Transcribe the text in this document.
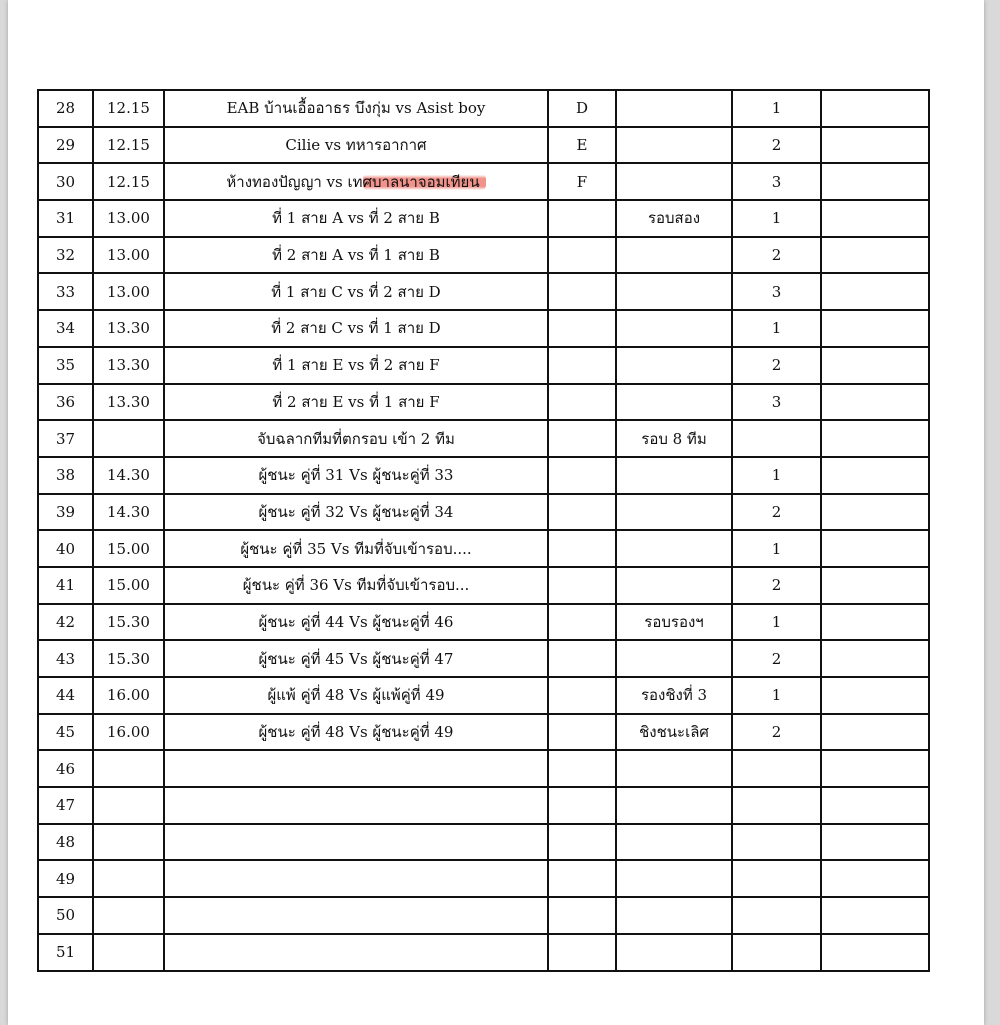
28	12.15	EAB บ้านเอื้ออาธร บึงกุ่ม vs Asist boy	D		1	
29	12.15	Cilie vs ทหารอากาศ	E		2	
30	12.15	ห้างทองปัญญา vs เทศบาลนาจอมเทียน	F		3	
31	13.00	ที่ 1 สาย A vs ที่ 2 สาย B		รอบสอง	1	
32	13.00	ที่ 2 สาย A vs ที่ 1 สาย B			2	
33	13.00	ที่ 1 สาย C vs ที่ 2 สาย D			3	
34	13.30	ที่ 2 สาย C vs ที่ 1 สาย D			1	
35	13.30	ที่ 1 สาย E vs ที่ 2 สาย F			2	
36	13.30	ที่ 2 สาย E vs ที่ 1 สาย F			3	
37		จับฉลากทีมที่ตกรอบ เข้า 2 ทีม		รอบ 8 ทีม		
38	14.30	ผู้ชนะ คู่ที่ 31 Vs ผู้ชนะคู่ที่ 33			1	
39	14.30	ผู้ชนะ คู่ที่ 32 Vs ผู้ชนะคู่ที่ 34			2	
40	15.00	ผู้ชนะ คู่ที่ 35 Vs ทีมที่จับเข้ารอบ....			1	
41	15.00	ผู้ชนะ คู่ที่ 36 Vs ทีมที่จับเข้ารอบ...			2	
42	15.30	ผู้ชนะ คู่ที่ 44 Vs ผู้ชนะคู่ที่ 46		รอบรองฯ	1	
43	15.30	ผู้ชนะ คู่ที่ 45 Vs ผู้ชนะคู่ที่ 47			2	
44	16.00	ผู้แพ้ คู่ที่ 48 Vs ผู้แพ้คู่ที่ 49		รองชิงที่ 3	1	
45	16.00	ผู้ชนะ คู่ที่ 48 Vs ผู้ชนะคู่ที่ 49		ชิงชนะเลิศ	2	
46						
47						
48						
49						
50						
51						
